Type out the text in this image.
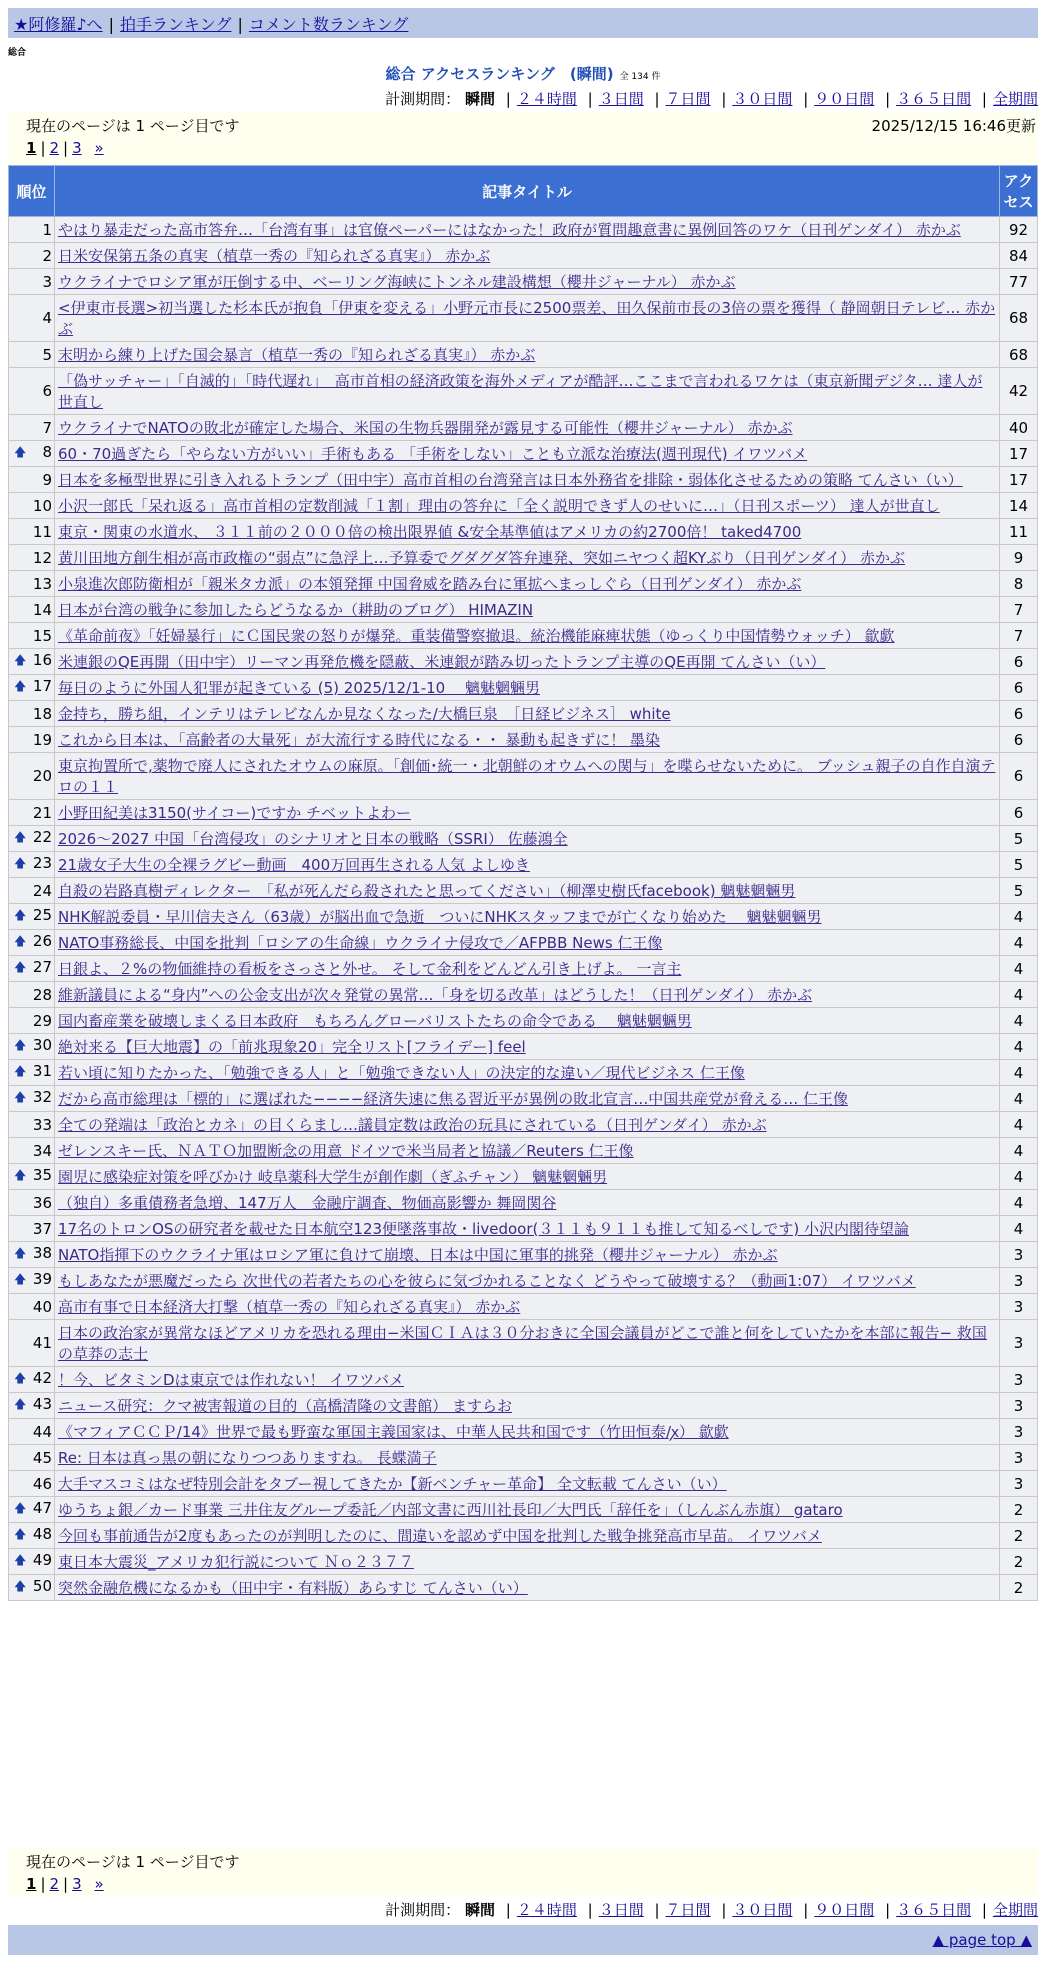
★阿修羅♪へ | 拍手ランキング | コメント数ランキング
総合
総合 アクセスランキング　(瞬間) 全 134 件
計測期間： 瞬間 | ２４時間 | ３日間 | ７日間 | ３０日間 | ９０日間 | ３６５日間 | 全期間
現在のページは 1 ページ目です	2025/12/15 16:46更新
1 | 2 | 3 »
順位	記事タイトル	アクセス
1	やはり暴走だった高市答弁…「台湾有事」は官僚ペーパーにはなかった！政府が質問趣意書に異例回答のワケ（日刊ゲンダイ） 赤かぶ	92
2	日米安保第五条の真実（植草一秀の『知られざる真実』） 赤かぶ	84
3	ウクライナでロシア軍が圧倒する中、ベーリング海峡にトンネル建設構想（櫻井ジャーナル） 赤かぶ	77
4	<伊東市長選>初当選した杉本氏が抱負「伊東を変える」小野元市長に2500票差、田久保前市長の3倍の票を獲得（ 静岡朝日テレビ… 赤かぶ	68
5	末明から練り上げた国会暴言（植草一秀の『知られざる真実』） 赤かぶ	68
6	「偽サッチャー」「自滅的」「時代遅れ」　高市首相の経済政策を海外メディアが酷評…ここまで言われるワケは（東京新聞デジタ… 達人が世直し	42
7	ウクライナでNATOの敗北が確定した場合、米国の生物兵器開発が露見する可能性（櫻井ジャーナル） 赤かぶ	40

🡅 8	60・70過ぎたら「やらない方がいい」手術もある 「手術をしない」ことも立派な治療法(週刊現代) イワツバメ	17
9	日本を多極型世界に引き入れるトランプ（田中宇）高市首相の台湾発言は日本外務省を排除・弱体化させるための策略 てんさい（い）	17
10	小沢一郎氏「呆れ返る」高市首相の定数削減「１割」理由の答弁に「全く説明できず人のせいに…」（日刊スポーツ） 達人が世直し	14
11	東京・関東の水道水、 ３１１前の２０００倍の検出限界値 &安全基準値はアメリカの約2700倍！ taked4700	11
12	黄川田地方創生相が高市政権の“弱点”に急浮上…予算委でグダグダ答弁連発、突如ニヤつく超KYぶり（日刊ゲンダイ） 赤かぶ	9
13	小泉進次郎防衛相が「親米タカ派」の本領発揮 中国脅威を踏み台に軍拡へまっしぐら（日刊ゲンダイ） 赤かぶ	8
14	日本が台湾の戦争に参加したらどうなるか（耕助のブログ） HIMAZIN	7
15	《革命前夜》「妊婦暴行」にＣ国民衆の怒りが爆発。重装備警察撤退。統治機能麻痺状態（ゆっくり中国情勢ウォッチ） 歙歔	7

🡅 16	米連銀のQE再開（田中宇）リーマン再発危機を隠蔽、米連銀が踏み切ったトランプ主導のQE再開 てんさい（い）	6

🡅 17	毎日のように外国人犯罪が起きている (5) 2025/12/1-10　 魑魅魍魎男	6
18	金持ち，勝ち組，インテリはテレビなんか見なくなった/大橋巨泉　［日経ビジネス］ white	6
19	これから日本は、「高齢者の大量死」が大流行する時代になる・・ 暴動も起きずに！ 墨染	6
20	東京拘置所で,薬物で廃人にされたオウムの麻原。「創価･統一・北朝鮮のオウムへの関与」を喋らせないために。 ブッシュ親子の自作自演テロの１１	6
21	小野田紀美は3150(サイコー)ですか チベットよわー	6

🡅 22	2026〜2027 中国「台湾侵攻」のシナリオと日本の戦略（SSRI） 佐藤鴻全	5

🡅 23	21歳女子大生の全裸ラグビー動画　400万回再生される人気 よしゆき	5
24	自殺の岩路真樹ディレクター　「私が死んだら殺されたと思ってください」（柳澤史樹氏facebook) 魑魅魍魎男	5

🡅 25	NHK解説委員・早川信夫さん（63歳）が脳出血で急逝　ついにNHKスタッフまでが亡くなり始めた　 魑魅魍魎男	4

🡅 26	NATO事務総長、中国を批判「ロシアの生命線」ウクライナ侵攻で／AFPBB News 仁王像	4

🡅 27	日銀よ、２%の物価維持の看板をさっさと外せ。 そして金利をどんどん引き上げよ。 一言主	4
28	維新議員による“身内”への公金支出が次々発覚の異常…「身を切る改革」はどうした！（日刊ゲンダイ） 赤かぶ	4
29	国内畜産業を破壊しまくる日本政府　もちろんグローバリストたちの命令である　 魑魅魍魎男	4

🡅 30	絶対来る【巨大地震】の「前兆現象20」完全リスト[フライデー] feel	4

🡅 31	若い頃に知りたかった、「勉強できる人」と「勉強できない人」の決定的な違い／現代ビジネス 仁王像	4

🡅 32	だから高市総理は「標的」に選ばれた−−−−経済失速に焦る習近平が異例の敗北宣言…中国共産党が脅える… 仁王像	4
33	全ての発端は「政治とカネ」の目くらまし…議員定数は政治の玩具にされている（日刊ゲンダイ） 赤かぶ	4
34	ゼレンスキー氏、ＮＡＴＯ加盟断念の用意 ドイツで米当局者と協議／Reuters 仁王像	4

🡅 35	園児に感染症対策を呼びかけ 岐阜薬科大学生が創作劇（ぎふチャン） 魑魅魍魎男	4
36	（独自）多重債務者急増、147万人　金融庁調査、物価高影響か 舞岡関谷	4
37	17名のトロンOSの研究者を載せた日本航空123便墜落事故・livedoor(３１１も９１１も推して知るべしです) 小沢内閣待望論	4

🡅 38	NATO指揮下のウクライナ軍はロシア軍に負けて崩壊、日本は中国に軍事的挑発（櫻井ジャーナル） 赤かぶ	3

🡅 39	もしあなたが悪魔だったら 次世代の若者たちの心を彼らに気づかれることなく どうやって破壊する？（動画1:07） イワツバメ	3
40	高市有事で日本経済大打撃（植草一秀の『知られざる真実』） 赤かぶ	3
41	日本の政治家が異常なほどアメリカを恐れる理由−米国ＣＩＡは３０分おきに全国会議員がどこで誰と何をしていたかを本部に報告− 救国の草莽の志士	3

🡅 42	！今、ビタミンDは東京では作れない！ イワツバメ	3

🡅 43	ニュース研究：クマ被害報道の目的（高橋清隆の文書館） ますらお	3
44	《マフィアＣＣＰ/14》世界で最も野蛮な軍国主義国家は、中華人民共和国です（竹田恒泰/ꭗ） 歙歔	3
45	Re: 日本は真っ黒の朝になりつつありますね。 長蝶満子	3
46	大手マスコミはなぜ特別会計をタブー視してきたか【新ベンチャー革命】 全文転載 てんさい（い）	3

🡅 47	ゆうちょ銀／カード事業 三井住友グループ委託／内部文書に西川社長印／大門氏「辞任を」（しんぶん赤旗） gataro	2

🡅 48	今回も事前通告が2度もあったのが判明したのに、間違いを認めず中国を批判した戦争挑発高市早苗。 イワツバメ	2

🡅 49	東日本大震災_アメリカ犯行説について Ｎｏ２３７７	2

🡅 50	突然金融危機になるかも（田中宇・有料版）あらすじ てんさい（い）	2
現在のページは 1 ページ目です
1 | 2 | 3 »
計測期間： 瞬間 | ２４時間 | ３日間 | ７日間 | ３０日間 | ９０日間 | ３６５日間 | 全期間
▲ page top ▲
